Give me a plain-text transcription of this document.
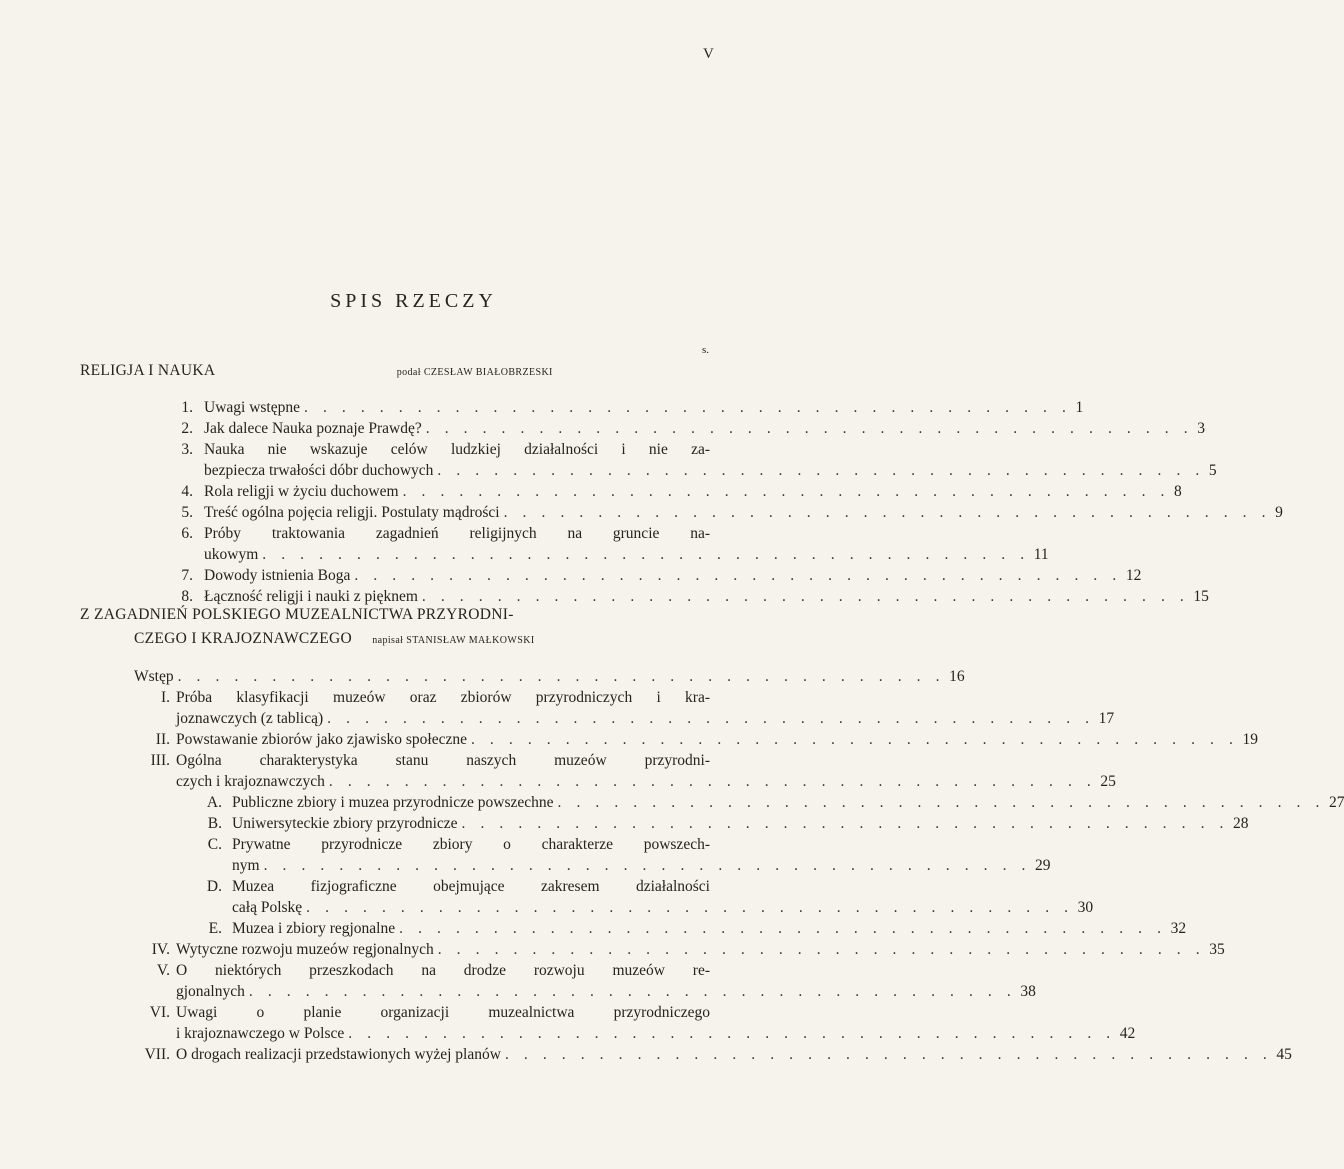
V
SPIS RZECZY
s.
RELIGJA I NAUKA	podał CZESŁAW BIAŁOBRZESKI
Z ZAGADNIEŃ POLSKIEGO MUZEALNICTWA PRZYRODNI-
CZEGO I KRAJOZNAWCZEGO napisał STANISŁAW MAŁKOWSKI
1. Uwagi wstępne . . . . . . . . . . . . . . . . . . . . . . . . . . . . . . . . . . . . . . . . . 1
2. Jak dalece Nauka poznaje Prawdę? . . . . . . . . . . . . . . . . . . . . . . . . . . . . . . . . . . . . . . . . . 3
3. Nauka nie wskazuje celów ludzkiej działalności i nie za-
bezpiecza trwałości dóbr duchowych . . . . . . . . . . . . . . . . . . . . . . . . . . . . . . . . . . . . . . . . . 5
4. Rola religji w życiu duchowem . . . . . . . . . . . . . . . . . . . . . . . . . . . . . . . . . . . . . . . . . 8
5. Treść ogólna pojęcia religji. Postulaty mądrości . . . . . . . . . . . . . . . . . . . . . . . . . . . . . . . . . . . . . . . . . 9
6. Próby traktowania zagadnień religijnych na gruncie na-
ukowym . . . . . . . . . . . . . . . . . . . . . . . . . . . . . . . . . . . . . . . . . 11
7. Dowody istnienia Boga . . . . . . . . . . . . . . . . . . . . . . . . . . . . . . . . . . . . . . . . . 12
8. Łączność religji i nauki z pięknem . . . . . . . . . . . . . . . . . . . . . . . . . . . . . . . . . . . . . . . . . 15
Wstęp . . . . . . . . . . . . . . . . . . . . . . . . . . . . . . . . . . . . . . . . . 16
I. Próba klasyfikacji muzeów oraz zbiorów przyrodniczych i kra-
joznawczych (z tablicą) . . . . . . . . . . . . . . . . . . . . . . . . . . . . . . . . . . . . . . . . . 17
II. Powstawanie zbiorów jako zjawisko społeczne . . . . . . . . . . . . . . . . . . . . . . . . . . . . . . . . . . . . . . . . . 19
III. Ogólna charakterystyka stanu naszych muzeów przyrodni-
czych i krajoznawczych . . . . . . . . . . . . . . . . . . . . . . . . . . . . . . . . . . . . . . . . . 25
A. Publiczne zbiory i muzea przyrodnicze powszechne . . . . . . . . . . . . . . . . . . . . . . . . . . . . . . . . . . . . . . . . . 27
B. Uniwersyteckie zbiory przyrodnicze . . . . . . . . . . . . . . . . . . . . . . . . . . . . . . . . . . . . . . . . . 28
C. Prywatne przyrodnicze zbiory o charakterze powszech-
nym . . . . . . . . . . . . . . . . . . . . . . . . . . . . . . . . . . . . . . . . . 29
D. Muzea fizjograficzne obejmujące zakresem działalności
całą Polskę . . . . . . . . . . . . . . . . . . . . . . . . . . . . . . . . . . . . . . . . . 30
E. Muzea i zbiory regjonalne . . . . . . . . . . . . . . . . . . . . . . . . . . . . . . . . . . . . . . . . . 32
IV. Wytyczne rozwoju muzeów regjonalnych . . . . . . . . . . . . . . . . . . . . . . . . . . . . . . . . . . . . . . . . . 35
V. O niektórych przeszkodach na drodze rozwoju muzeów re-
gjonalnych . . . . . . . . . . . . . . . . . . . . . . . . . . . . . . . . . . . . . . . . . 38
VI. Uwagi o planie organizacji muzealnictwa przyrodniczego
i krajoznawczego w Polsce . . . . . . . . . . . . . . . . . . . . . . . . . . . . . . . . . . . . . . . . . 42
VII. O drogach realizacji przedstawionych wyżej planów . . . . . . . . . . . . . . . . . . . . . . . . . . . . . . . . . . . . . . . . . 45
